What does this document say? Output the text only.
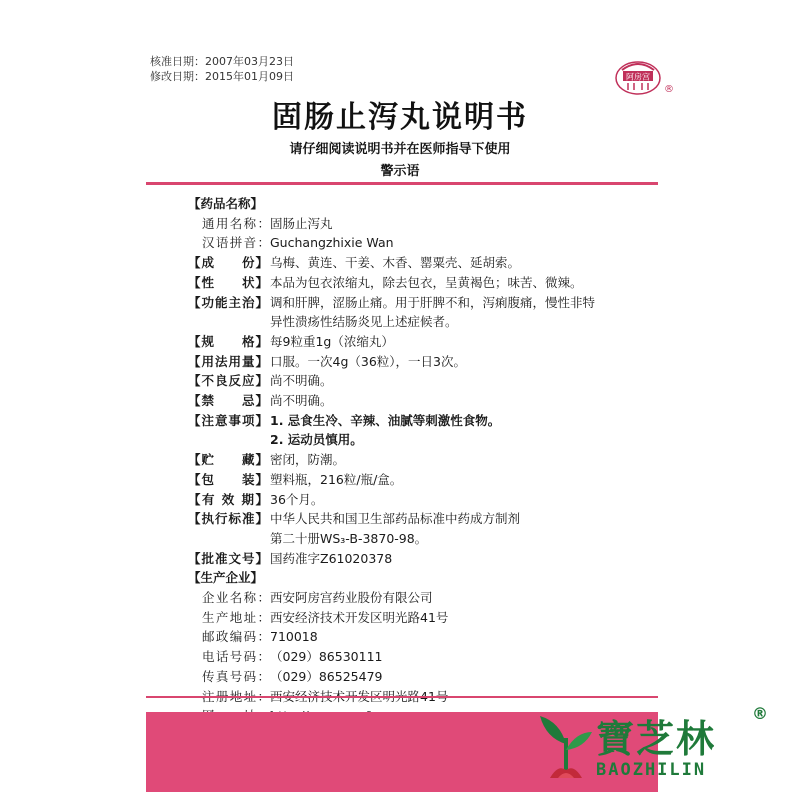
核准日期：2007年03月23日
修改日期：2015年01月09日	阿房宫
®
固肠止泻丸说明书
请仔细阅读说明书并在医师指导下使用
警示语
【药品名称】
通用名称： 固肠止泻丸
汉语拼音： Guchangzhixie Wan
【成　　份】 乌梅、黄连、干姜、木香、罂粟壳、延胡索。
【性　　状】 本品为包衣浓缩丸，除去包衣，呈黄褐色；味苦、微辣。
【功能主治】 调和肝脾，涩肠止痛。用于肝脾不和，泻痢腹痛，慢性非特
异性溃疡性结肠炎见上述症候者。
【规　　格】 每9粒重1g（浓缩丸）
【用法用量】 口服。一次4g（36粒），一日3次。
【不良反应】 尚不明确。
【禁　　忌】 尚不明确。
【注意事项】 1. 忌食生冷、辛辣、油腻等刺激性食物。
2. 运动员慎用。
【贮　　藏】 密闭，防潮。
【包　　装】 塑料瓶，216粒/瓶/盒。
【有 效 期】 36个月。
【执行标准】 中华人民共和国卫生部药品标准中药成方制剂
第二十册WS₃-B-3870-98。
【批准文号】 国药准字Z61020378
【生产企业】
企业名称： 西安阿房宫药业股份有限公司
生产地址： 西安经济技术开发区明光路41号
邮政编码： 710018
电话号码： （029）86530111
传真号码： （029）86525479
寶芝林
®
BAOZHILIN
